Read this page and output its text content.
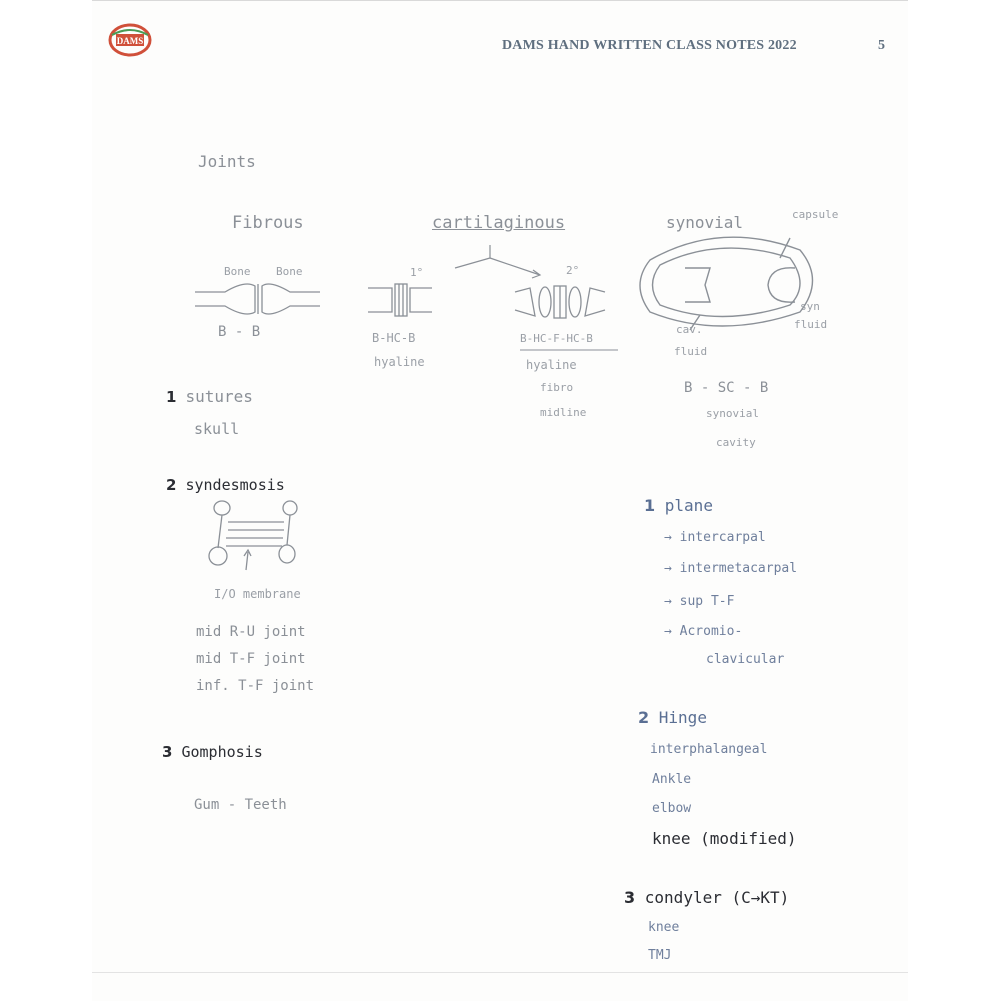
DAMS	DAMS HAND WRITTEN CLASS NOTES 2022	5
Joints
Fibrous	cartilaginous	synovial	capsule
Bone Bone
B - B
1°
B-HC-B
hyaline
2°
B-HC-F-HC-B
hyaline
fibro
midline
cav.
fluid
syn
fluid
B - SC - B
synovial
cavity
1 sutures
skull
2 syndesmosis
I/O membrane
mid R-U joint
mid T-F joint
inf. T-F joint
3 Gomphosis
Gum - Teeth
1 plane
→ intercarpal
→ intermetacarpal
→ sup T-F
→ Acromio-
clavicular
2 Hinge
interphalangeal
Ankle
elbow
knee (modified)
3 condyler (C→KT)
knee
TMJ
